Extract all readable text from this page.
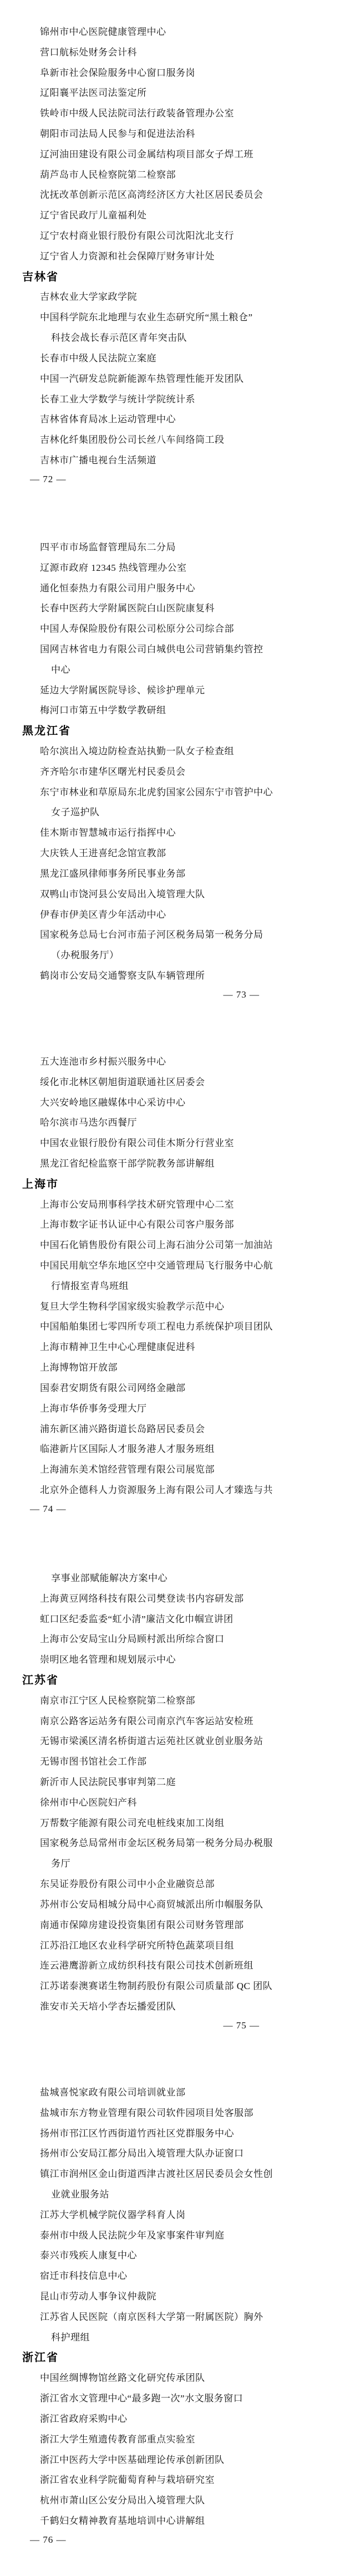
锦州市中心医院健康管理中心
营口航标处财务会计科
阜新市社会保险服务中心窗口服务岗
辽阳襄平法医司法鉴定所
铁岭市中级人民法院司法行政装备管理办公室
朝阳市司法局人民参与和促进法治科
辽河油田建设有限公司金属结构项目部女子焊工班
葫芦岛市人民检察院第二检察部
沈抚改革创新示范区高湾经济区方大社区居民委员会
辽宁省民政厅儿童福利处
辽宁农村商业银行股份有限公司沈阳沈北支行
辽宁省人力资源和社会保障厅财务审计处
吉林省
吉林农业大学家政学院
中国科学院东北地理与农业生态研究所“黑土粮仓”
科技会战长春示范区青年突击队
长春市中级人民法院立案庭
中国一汽研发总院新能源车热管理性能开发团队
长春工业大学数学与统计学院统计系
吉林省体育局冰上运动管理中心
吉林化纤集团股份公司长丝八车间络筒工段
吉林市广播电视台生活频道
— 72 —
四平市市场监督管理局东二分局
辽源市政府 12345 热线管理办公室
通化恒泰热力有限公司用户服务中心
长春中医药大学附属医院白山医院康复科
中国人寿保险股份有限公司松原分公司综合部
国网吉林省电力有限公司白城供电公司营销集约管控
中心
延边大学附属医院导诊、候诊护理单元
梅河口市第五中学数学教研组
黑龙江省
哈尔滨出入境边防检查站执勤一队女子检查组
齐齐哈尔市建华区曙光村民委员会
东宁市林业和草原局东北虎豹国家公园东宁市管护中心
女子巡护队
佳木斯市智慧城市运行指挥中心
大庆铁人王进喜纪念馆宣教部
黑龙江盛夙律师事务所民事业务部
双鸭山市饶河县公安局出入境管理大队
伊春市伊美区青少年活动中心
国家税务总局七台河市茄子河区税务局第一税务分局
（办税服务厅）
鹤岗市公安局交通警察支队车辆管理所
— 73 —
五大连池市乡村振兴服务中心
绥化市北林区朝旭街道联通社区居委会
大兴安岭地区融媒体中心采访中心
哈尔滨市马迭尔西餐厅
中国农业银行股份有限公司佳木斯分行营业室
黑龙江省纪检监察干部学院教务部讲解组
上海市
上海市公安局刑事科学技术研究管理中心二室
上海市数字证书认证中心有限公司客户服务部
中国石化销售股份有限公司上海石油分公司第一加油站
中国民用航空华东地区空中交通管理局飞行服务中心航
行情报室青鸟班组
复旦大学生物科学国家级实验教学示范中心
中国船舶集团七零四所专项工程电力系统保护项目团队
上海市精神卫生中心心理健康促进科
上海博物馆开放部
国泰君安期货有限公司网络金融部
上海市华侨事务受理大厅
浦东新区浦兴路街道长岛路居民委员会
临港新片区国际人才服务港人才服务班组
上海浦东美术馆经营管理有限公司展览部
北京外企德科人力资源服务上海有限公司人才臻选与共
— 74 —
享事业部赋能解决方案中心
上海黄豆网络科技有限公司樊登读书内容研发部
虹口区纪委监委“虹小清”廉洁文化巾帼宣讲团
上海市公安局宝山分局顾村派出所综合窗口
崇明区地名管理和规划展示中心
江苏省
南京市江宁区人民检察院第二检察部
南京公路客运站务有限公司南京汽车客运站安检班
无锡市梁溪区清名桥街道古运苑社区就业创业服务站
无锡市图书馆社会工作部
新沂市人民法院民事审判第二庭
徐州市中心医院妇产科
万帮数字能源有限公司充电桩线束加工岗组
国家税务总局常州市金坛区税务局第一税务分局办税服
务厅
东吴证券股份有限公司中小企业融资总部
苏州市公安局相城分局中心商贸城派出所巾帼服务队
南通市保障房建设投资集团有限公司财务管理部
江苏沿江地区农业科学研究所特色蔬菜项目组
连云港鹰游新立成纺织科技有限公司技术创新班组
江苏诺泰澳赛诺生物制药股份有限公司质量部 QC 团队
淮安市关天培小学杏坛播爱团队
— 75 —
盐城喜悦家政有限公司培训就业部
盐城市东方物业管理有限公司软件园项目处客服部
扬州市邗江区竹西街道竹西社区党群服务中心
扬州市公安局江都分局出入境管理大队办证窗口
镇江市润州区金山街道西津古渡社区居民委员会女性创
业就业服务站
江苏大学机械学院仪器学科育人岗
泰州市中级人民法院少年及家事案件审判庭
泰兴市残疾人康复中心
宿迁市科技信息中心
昆山市劳动人事争议仲裁院
江苏省人民医院（南京医科大学第一附属医院）胸外
科护理组
浙江省
中国丝绸博物馆丝路文化研究传承团队
浙江省水文管理中心“最多跑一次”水文服务窗口
浙江省政府采购中心
浙江大学生殖遗传教育部重点实验室
浙江中医药大学中医基础理论传承创新团队
浙江省农业科学院葡萄育种与栽培研究室
杭州市萧山区公安分局出入境管理大队
千鹤妇女精神教育基地培训中心讲解组
— 76 —
